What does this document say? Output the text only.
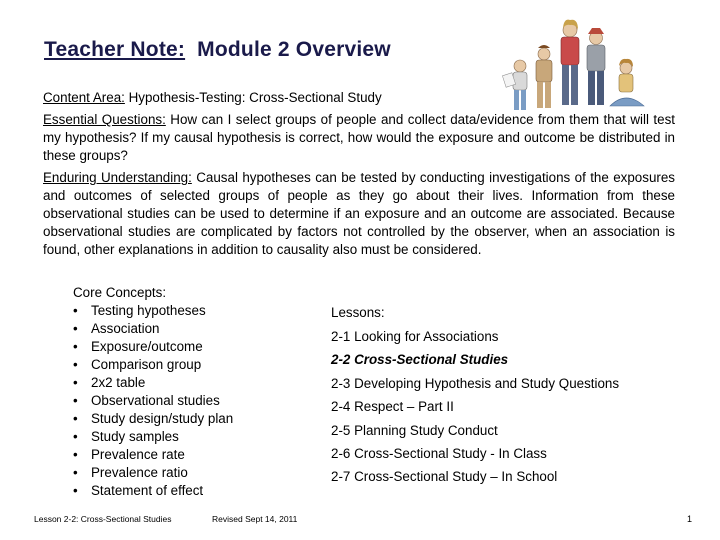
Teacher Note: Module 2 Overview
Content Area: Hypothesis-Testing: Cross-Sectional Study
Essential Questions: How can I select groups of people and collect data/evidence from them that will test my hypothesis? If my causal hypothesis is correct, how would the exposure and outcome be distributed in these groups?
Enduring Understanding: Causal hypotheses can be tested by conducting investigations of the exposures and outcomes of selected groups of people as they go about their lives. Information from these observational studies can be used to determine if an exposure and an outcome are associated. Because observational studies are complicated by factors not controlled by the observer, when an association is found, other explanations in addition to causality also must be considered.
Core Concepts:
• Testing hypotheses
• Association
• Exposure/outcome
• Comparison group
• 2x2 table
• Observational studies
• Study design/study plan
• Study samples
• Prevalence rate
• Prevalence ratio
• Statement of effect
Lessons:
2-1 Looking for Associations
2-2 Cross-Sectional Studies
2-3 Developing Hypothesis and Study Questions
2-4 Respect – Part II
2-5 Planning Study Conduct
2-6 Cross-Sectional Study - In Class
2-7 Cross-Sectional Study – In School
Lesson 2-2: Cross-Sectional Studies	Revised Sept 14, 2011	1
